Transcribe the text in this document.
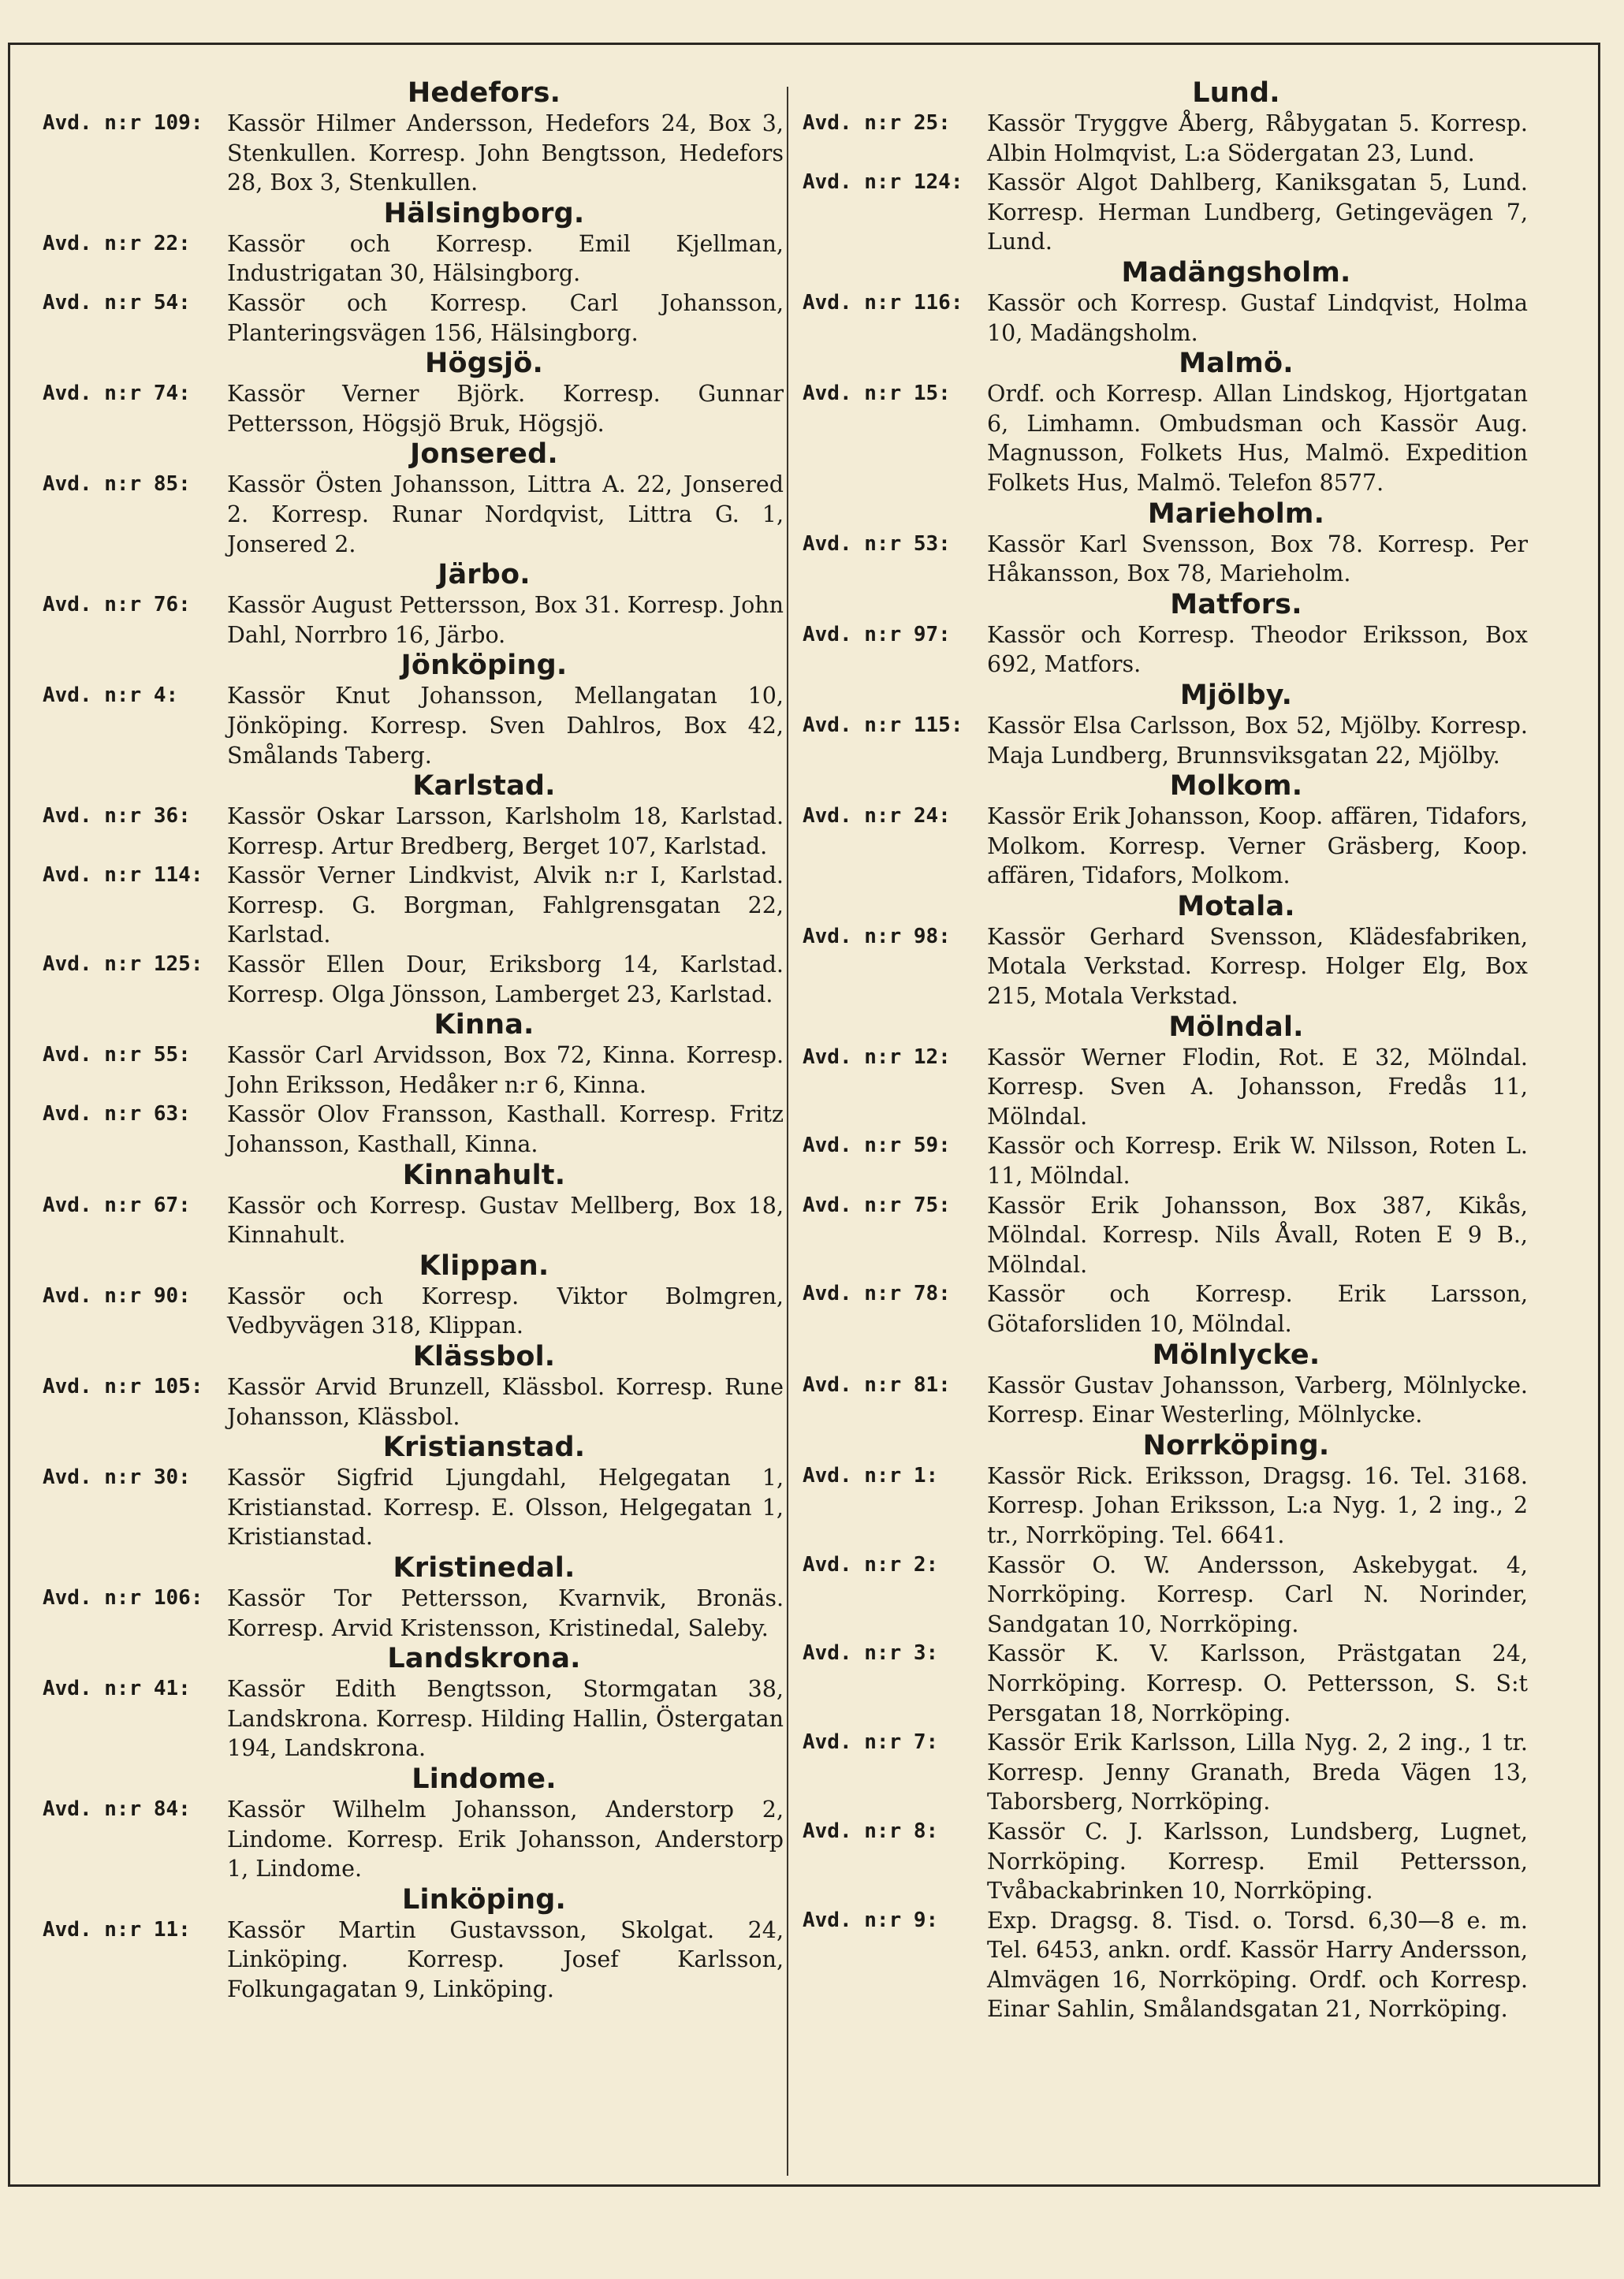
Hedefors.
Avd. n:r 109:	Kassör Hilmer Andersson, Hedefors 24, Box 3, Stenkullen. Korresp. John Bengtsson, Hedefors 28, Box 3, Stenkullen.
Hälsingborg.
Avd. n:r 22:	Kassör och Korresp. Emil Kjellman, Industrigatan 30, Hälsingborg.
Avd. n:r 54:	Kassör och Korresp. Carl Johansson, Planteringsvägen 156, Hälsingborg.
Högsjö.
Avd. n:r 74:	Kassör Verner Björk. Korresp. Gunnar Pettersson, Högsjö Bruk, Högsjö.
Jonsered.
Avd. n:r 85:	Kassör Östen Johansson, Littra A. 22, Jonsered 2. Korresp. Runar Nordqvist, Littra G. 1, Jonsered 2.
Järbo.
Avd. n:r 76:	Kassör August Pettersson, Box 31. Korresp. John Dahl, Norrbro 16, Järbo.
Jönköping.
Avd. n:r 4:	Kassör Knut Johansson, Mellangatan 10, Jönköping. Korresp. Sven Dahlros, Box 42, Smålands Taberg.
Karlstad.
Avd. n:r 36:	Kassör Oskar Larsson, Karlsholm 18, Karlstad. Korresp. Artur Bredberg, Berget 107, Karlstad.
Avd. n:r 114:	Kassör Verner Lindkvist, Alvik n:r I, Karlstad. Korresp. G. Borgman, Fahlgrensgatan 22, Karlstad.
Avd. n:r 125:	Kassör Ellen Dour, Eriksborg 14, Karlstad. Korresp. Olga Jönsson, Lamberget 23, Karlstad.
Kinna.
Avd. n:r 55:	Kassör Carl Arvidsson, Box 72, Kinna. Korresp. John Eriksson, Hedåker n:r 6, Kinna.
Avd. n:r 63:	Kassör Olov Fransson, Kasthall. Korresp. Fritz Johansson, Kasthall, Kinna.
Kinnahult.
Avd. n:r 67:	Kassör och Korresp. Gustav Mellberg, Box 18, Kinnahult.
Klippan.
Avd. n:r 90:	Kassör och Korresp. Viktor Bolmgren, Vedbyvägen 318, Klippan.
Klässbol.
Avd. n:r 105:	Kassör Arvid Brunzell, Klässbol. Korresp. Rune Johansson, Klässbol.
Kristianstad.
Avd. n:r 30:	Kassör Sigfrid Ljungdahl, Helgegatan 1, Kristianstad. Korresp. E. Olsson, Helgegatan 1, Kristianstad.
Kristinedal.
Avd. n:r 106:	Kassör Tor Pettersson, Kvarnvik, Bronäs. Korresp. Arvid Kristensson, Kristinedal, Saleby.
Landskrona.
Avd. n:r 41:	Kassör Edith Bengtsson, Stormgatan 38, Landskrona. Korresp. Hilding Hallin, Östergatan 194, Landskrona.
Lindome.
Avd. n:r 84:	Kassör Wilhelm Johansson, Anderstorp 2, Lindome. Korresp. Erik Johansson, Anderstorp 1, Lindome.
Linköping.
Avd. n:r 11:	Kassör Martin Gustavsson, Skolgat. 24, Linköping. Korresp. Josef Karlsson, Folkungagatan 9, Linköping.
Lund.
Avd. n:r 25:	Kassör Tryggve Åberg, Råbygatan 5. Korresp. Albin Holmqvist, L:a Södergatan 23, Lund.
Avd. n:r 124:	Kassör Algot Dahlberg, Kaniksgatan 5, Lund. Korresp. Herman Lundberg, Getingevägen 7, Lund.
Madängsholm.
Avd. n:r 116:	Kassör och Korresp. Gustaf Lindqvist, Holma 10, Madängsholm.
Malmö.
Avd. n:r 15:	Ordf. och Korresp. Allan Lindskog, Hjortgatan 6, Limhamn. Ombudsman och Kassör Aug. Magnusson, Folkets Hus, Malmö. Expedition Folkets Hus, Malmö. Telefon 8577.
Marieholm.
Avd. n:r 53:	Kassör Karl Svensson, Box 78. Korresp. Per Håkansson, Box 78, Marieholm.
Matfors.
Avd. n:r 97:	Kassör och Korresp. Theodor Eriksson, Box 692, Matfors.
Mjölby.
Avd. n:r 115:	Kassör Elsa Carlsson, Box 52, Mjölby. Korresp. Maja Lundberg, Brunnsviksgatan 22, Mjölby.
Molkom.
Avd. n:r 24:	Kassör Erik Johansson, Koop. affären, Tidafors, Molkom. Korresp. Verner Gräsberg, Koop. affären, Tidafors, Molkom.
Motala.
Avd. n:r 98:	Kassör Gerhard Svensson, Klädesfabriken, Motala Verkstad. Korresp. Holger Elg, Box 215, Motala Verkstad.
Mölndal.
Avd. n:r 12:	Kassör Werner Flodin, Rot. E 32, Mölndal. Korresp. Sven A. Johansson, Fredås 11, Mölndal.
Avd. n:r 59:	Kassör och Korresp. Erik W. Nilsson, Roten L. 11, Mölndal.
Avd. n:r 75:	Kassör Erik Johansson, Box 387, Kikås, Mölndal. Korresp. Nils Åvall, Roten E 9 B., Mölndal.
Avd. n:r 78:	Kassör och Korresp. Erik Larsson, Götaforsliden 10, Mölndal.
Mölnlycke.
Avd. n:r 81:	Kassör Gustav Johansson, Varberg, Mölnlycke. Korresp. Einar Westerling, Mölnlycke.
Norrköping.
Avd. n:r 1:	Kassör Rick. Eriksson, Dragsg. 16. Tel. 3168. Korresp. Johan Eriksson, L:a Nyg. 1, 2 ing., 2 tr., Norrköping. Tel. 6641.
Avd. n:r 2:	Kassör O. W. Andersson, Askebygat. 4, Norrköping. Korresp. Carl N. Norinder, Sandgatan 10, Norrköping.
Avd. n:r 3:	Kassör K. V. Karlsson, Prästgatan 24, Norrköping. Korresp. O. Pettersson, S. S:t Persgatan 18, Norrköping.
Avd. n:r 7:	Kassör Erik Karlsson, Lilla Nyg. 2, 2 ing., 1 tr. Korresp. Jenny Granath, Breda Vägen 13, Taborsberg, Norrköping.
Avd. n:r 8:	Kassör C. J. Karlsson, Lundsberg, Lugnet, Norrköping. Korresp. Emil Pettersson, Tvåbackabrinken 10, Norrköping.
Avd. n:r 9:	Exp. Dragsg. 8. Tisd. o. Torsd. 6,30—8 e. m. Tel. 6453, ankn. ordf. Kassör Harry Andersson, Almvägen 16, Norrköping. Ordf. och Korresp. Einar Sahlin, Smålandsgatan 21, Norrköping.
